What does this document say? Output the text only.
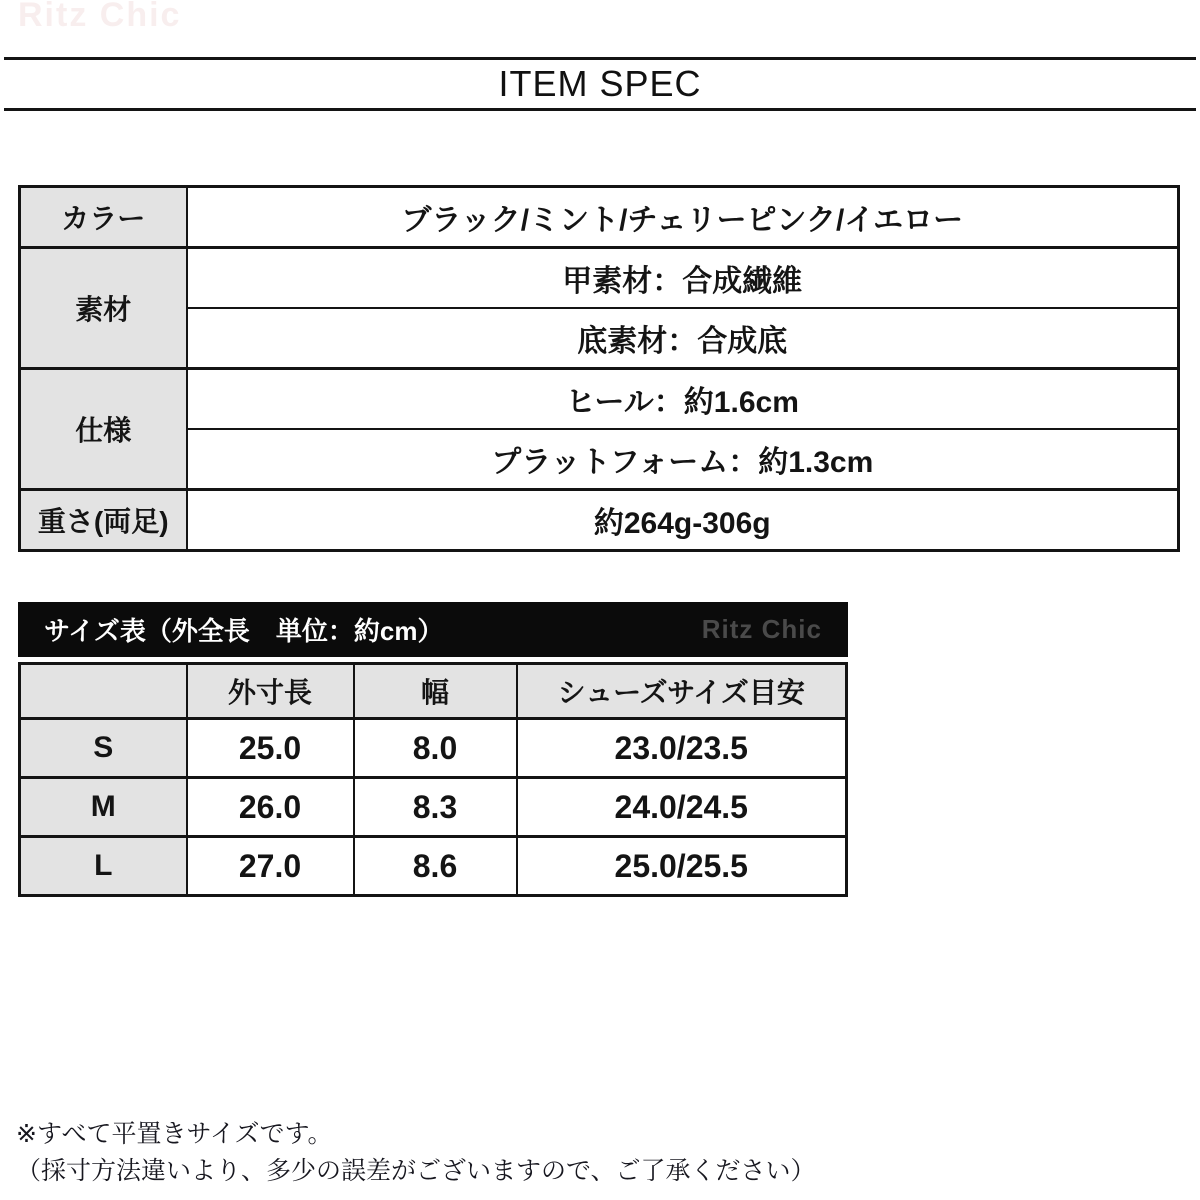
Ritz Chic
ITEM SPEC
カラー	ブラック/ミント/チェリーピンク/イエロー
素材	甲素材：合成繊維
	底素材：合成底
仕様	ヒール：約1.6cm
	プラットフォーム：約1.3cm
重さ(両足)	約264g-306g
サイズ表（外全長　単位：約cm）	Ritz Chic
	外寸長	幅	シューズサイズ目安
S	25.0	8.0	23.0/23.5
M	26.0	8.3	24.0/24.5
L	27.0	8.6	25.0/25.5
※すべて平置きサイズです。
（採寸方法違いより、多少の誤差がございますので、ご了承ください）
